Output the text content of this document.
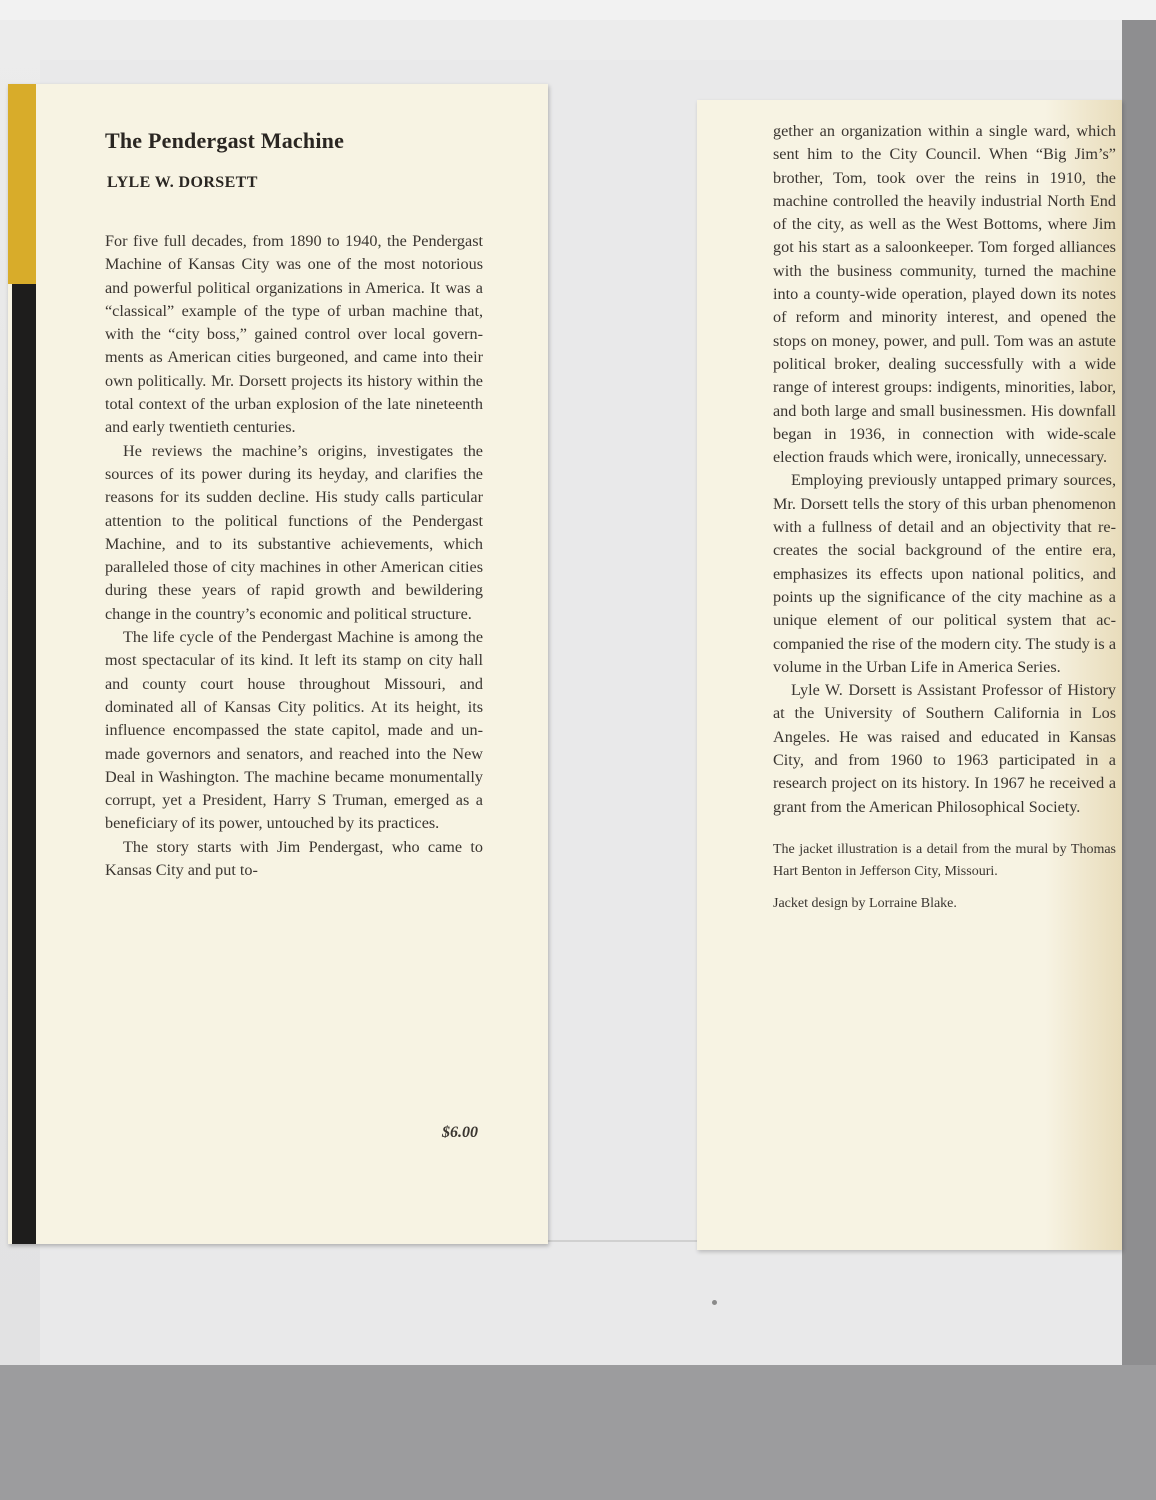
The Pendergast Machine
LYLE W. DORSETT

For five full decades, from 1890 to 1940, the Pendergast Machine of Kansas City was one of the most notorious and powerful political organizations in America. It was a “classical” example of the type of urban machine that, with the “city boss,” gained control over local governments as American cities burgeoned, and came into their own politically. Mr. Dorsett projects its history within the total context of the urban explosion of the late nineteenth and early twentieth centuries.

He reviews the machine’s origins, investigates the sources of its power during its heyday, and clarifies the reasons for its sudden decline. His study calls particular attention to the political functions of the Pendergast Machine, and to its substantive achievements, which paralleled those of city machines in other American cities during these years of rapid growth and bewildering change in the country’s economic and political structure.

The life cycle of the Pendergast Machine is among the most spectacular of its kind. It left its stamp on city hall and county court house throughout Missouri, and dominated all of Kansas City politics. At its height, its influence encompassed the state capitol, made and unmade governors and senators, and reached into the New Deal in Washington. The machine became monumentally corrupt, yet a President, Harry S Truman, emerged as a beneficiary of its power, untouched by its practices.

The story starts with Jim Pendergast, who came to Kansas City and put to-

$6.00

gether an organization within a single ward, which sent him to the City Council. When “Big Jim’s” brother, Tom, took over the reins in 1910, the machine controlled the heavily industrial North End of the city, as well as the West Bottoms, where Jim got his start as a saloonkeeper. Tom forged alliances with the business community, turned the machine into a county-wide operation, played down its notes of reform and minority interest, and opened the stops on money, power, and pull. Tom was an astute political broker, dealing successfully with a wide range of interest groups: indigents, minorities, labor, and both large and small businessmen. His downfall began in 1936, in connection with wide-scale election frauds which were, ironically, unnecessary.

Employing previously untapped primary sources, Mr. Dorsett tells the story of this urban phenomenon with a fullness of detail and an objectivity that re-creates the social background of the entire era, emphasizes its effects upon national politics, and points up the significance of the city machine as a unique element of our political system that accompanied the rise of the modern city. The study is a volume in the Urban Life in America Series.

Lyle W. Dorsett is Assistant Professor of History at the University of Southern California in Los Angeles. He was raised and educated in Kansas City, and from 1960 to 1963 participated in a research project on its history. In 1967 he received a grant from the American Philosophical Society.

The jacket illustration is a detail from the mural by Thomas Hart Benton in Jefferson City, Missouri.

Jacket design by Lorraine Blake.
